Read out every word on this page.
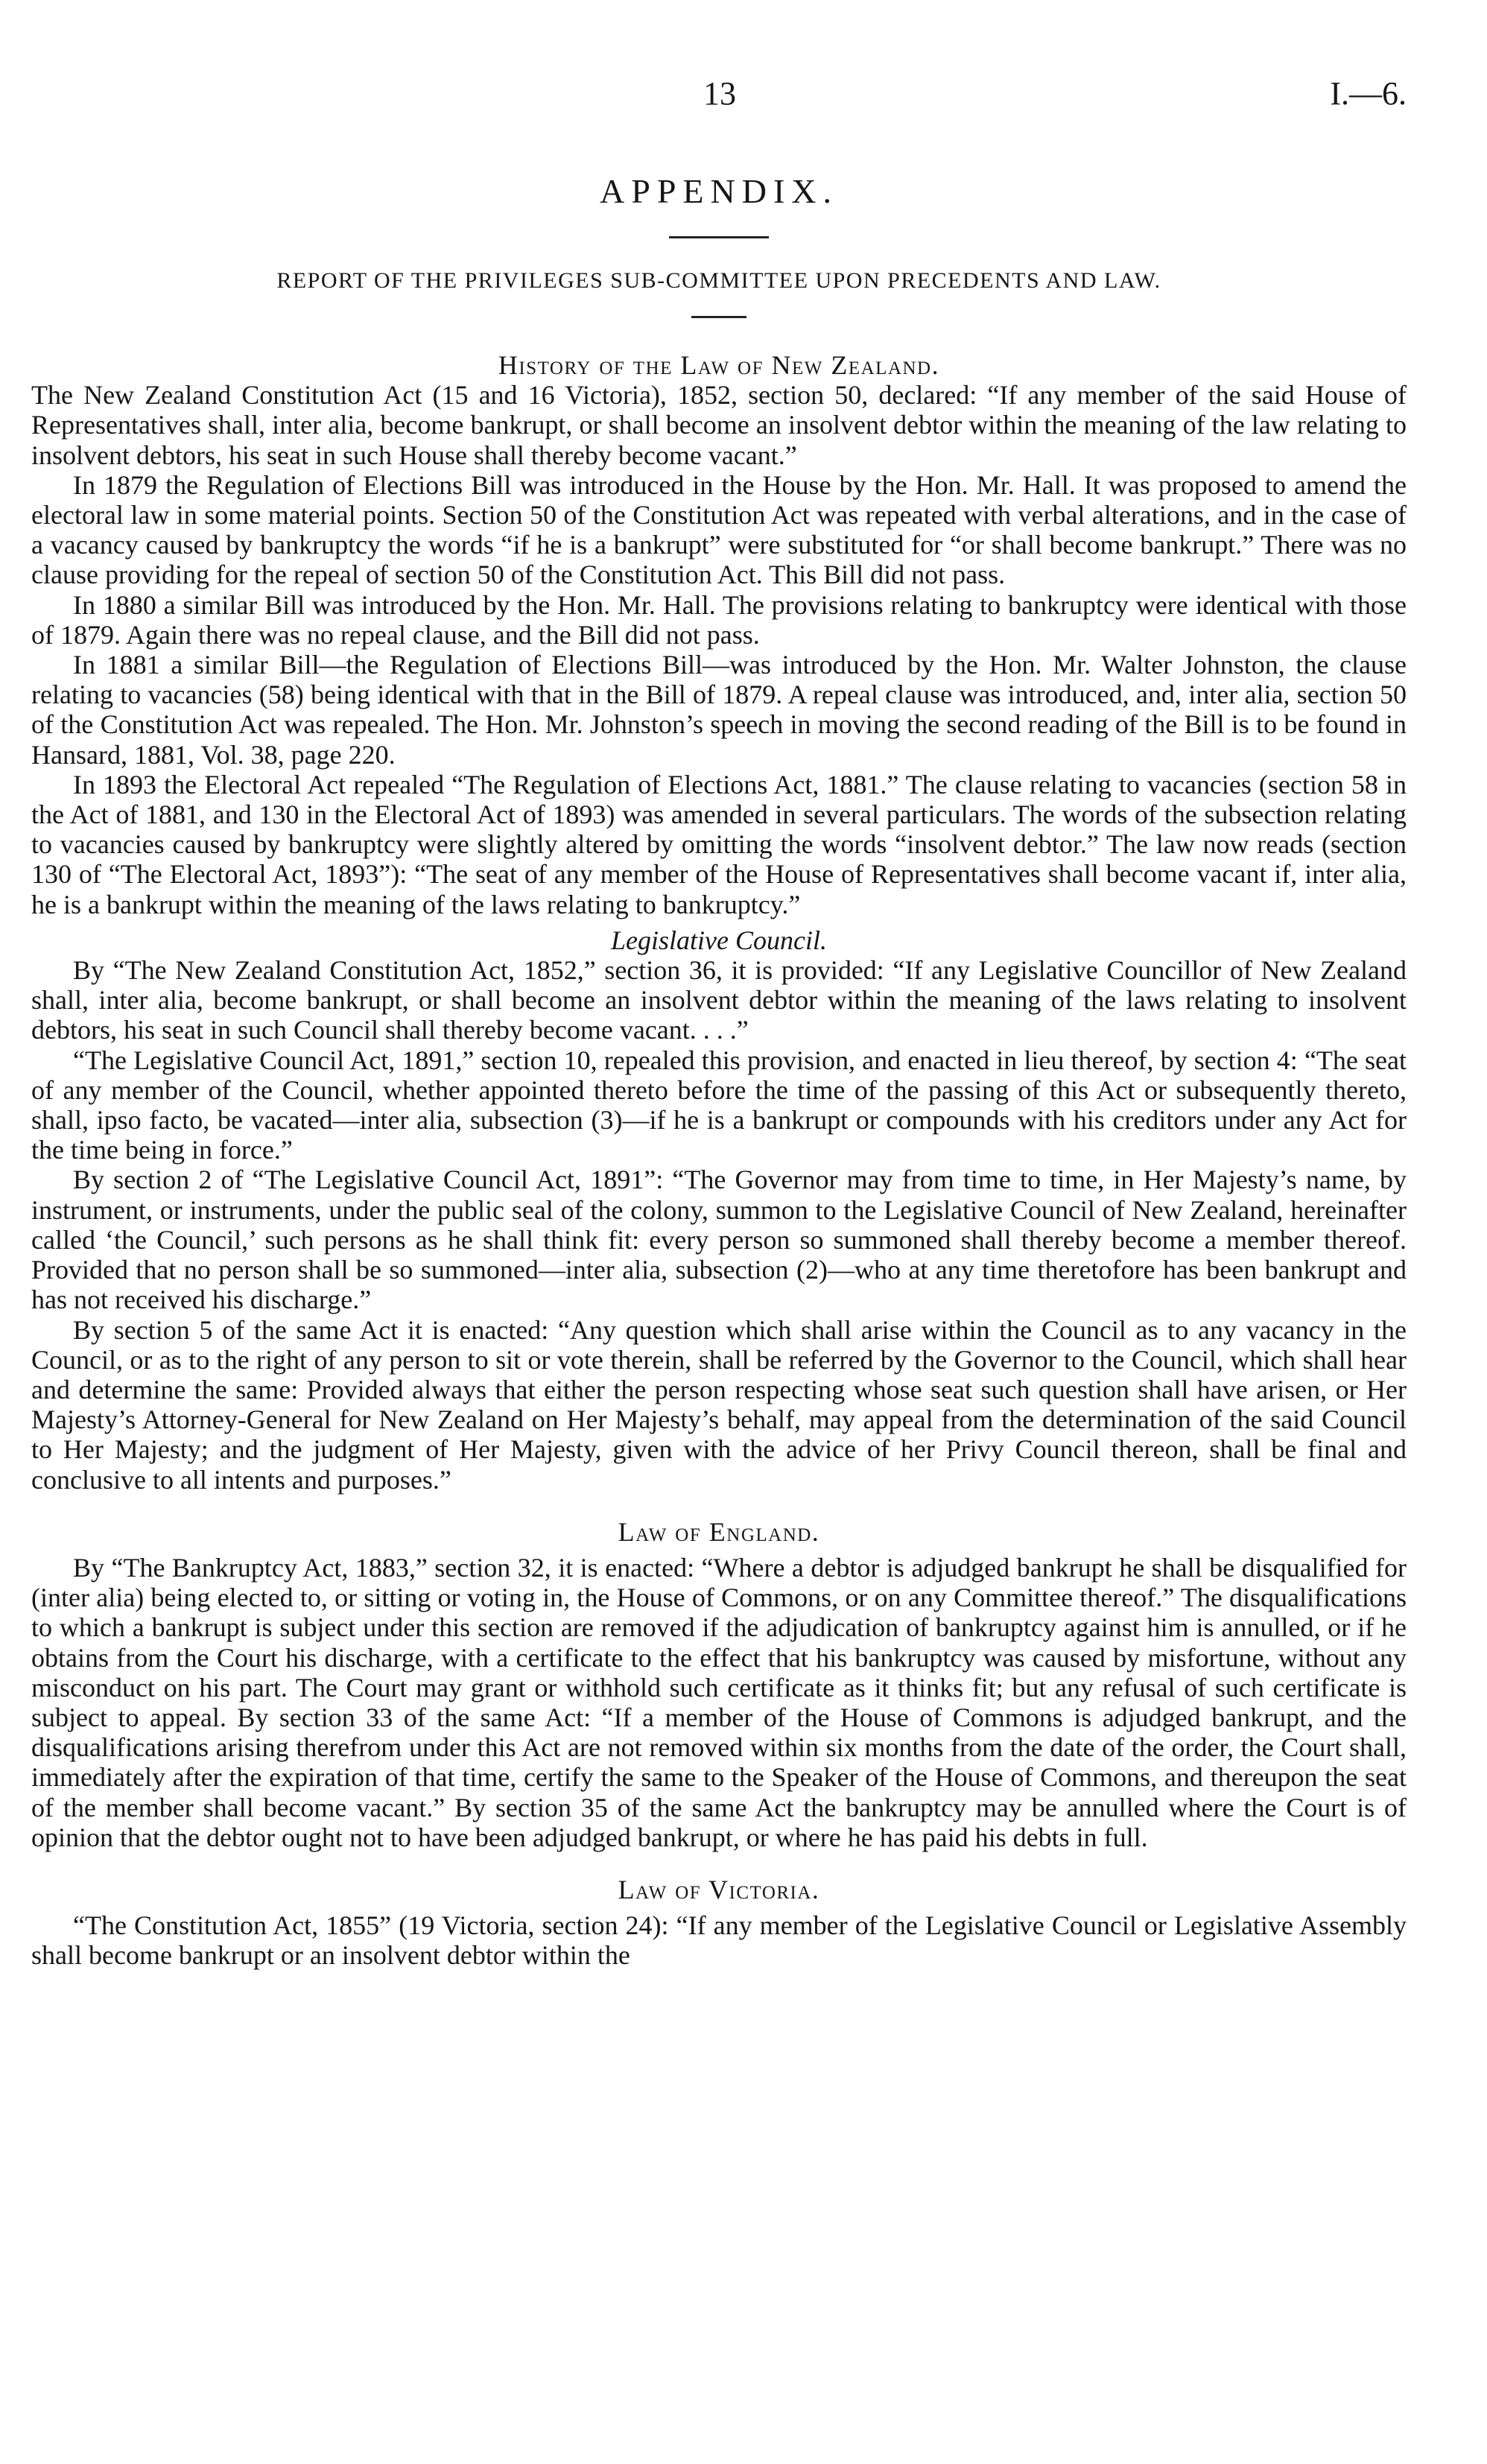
13	I.—6.
APPENDIX.
REPORT OF THE PRIVILEGES SUB-COMMITTEE UPON PRECEDENTS AND LAW.
History of the Law of New Zealand.

The New Zealand Constitution Act (15 and 16 Victoria), 1852, section 50, declared: “If any member of the said House of Representatives shall, inter alia, become bankrupt, or shall become an insolvent debtor within the meaning of the law relating to insolvent debtors, his seat in such House shall thereby become vacant.”

In 1879 the Regulation of Elections Bill was introduced in the House by the Hon. Mr. Hall. It was proposed to amend the electoral law in some material points. Section 50 of the Constitution Act was repeated with verbal alterations, and in the case of a vacancy caused by bankruptcy the words “if he is a bankrupt” were substituted for “or shall become bankrupt.” There was no clause providing for the repeal of section 50 of the Constitution Act. This Bill did not pass.

In 1880 a similar Bill was introduced by the Hon. Mr. Hall. The provisions relating to bankruptcy were identical with those of 1879. Again there was no repeal clause, and the Bill did not pass.

In 1881 a similar Bill—the Regulation of Elections Bill—was introduced by the Hon. Mr. Walter Johnston, the clause relating to vacancies (58) being identical with that in the Bill of 1879. A repeal clause was introduced, and, inter alia, section 50 of the Constitution Act was repealed. The Hon. Mr. Johnston’s speech in moving the second reading of the Bill is to be found in Hansard, 1881, Vol. 38, page 220.

In 1893 the Electoral Act repealed “The Regulation of Elections Act, 1881.” The clause relating to vacancies (section 58 in the Act of 1881, and 130 in the Electoral Act of 1893) was amended in several particulars. The words of the subsection relating to vacancies caused by bankruptcy were slightly altered by omitting the words “insolvent debtor.” The law now reads (section 130 of “The Electoral Act, 1893”): “The seat of any member of the House of Representatives shall become vacant if, inter alia, he is a bankrupt within the meaning of the laws relating to bankruptcy.”

Legislative Council.

By “The New Zealand Constitution Act, 1852,” section 36, it is provided: “If any Legislative Councillor of New Zealand shall, inter alia, become bankrupt, or shall become an insolvent debtor within the meaning of the laws relating to insolvent debtors, his seat in such Council shall thereby become vacant. . . .”

“The Legislative Council Act, 1891,” section 10, repealed this provision, and enacted in lieu thereof, by section 4: “The seat of any member of the Council, whether appointed thereto before the time of the passing of this Act or subsequently thereto, shall, ipso facto, be vacated—inter alia, subsection (3)—if he is a bankrupt or compounds with his creditors under any Act for the time being in force.”

By section 2 of “The Legislative Council Act, 1891”: “The Governor may from time to time, in Her Majesty’s name, by instrument, or instruments, under the public seal of the colony, summon to the Legislative Council of New Zealand, hereinafter called ‘the Council,’ such persons as he shall think fit: every person so summoned shall thereby become a member thereof. Provided that no person shall be so summoned—inter alia, subsection (2)—who at any time theretofore has been bankrupt and has not received his discharge.”

By section 5 of the same Act it is enacted: “Any question which shall arise within the Council as to any vacancy in the Council, or as to the right of any person to sit or vote therein, shall be referred by the Governor to the Council, which shall hear and determine the same: Provided always that either the person respecting whose seat such question shall have arisen, or Her Majesty’s Attorney-General for New Zealand on Her Majesty’s behalf, may appeal from the determination of the said Council to Her Majesty; and the judgment of Her Majesty, given with the advice of her Privy Council thereon, shall be final and conclusive to all intents and purposes.”

Law of England.

By “The Bankruptcy Act, 1883,” section 32, it is enacted: “Where a debtor is adjudged bankrupt he shall be disqualified for (inter alia) being elected to, or sitting or voting in, the House of Commons, or on any Committee thereof.” The disqualifications to which a bankrupt is subject under this section are removed if the adjudication of bankruptcy against him is annulled, or if he obtains from the Court his discharge, with a certificate to the effect that his bankruptcy was caused by misfortune, without any misconduct on his part. The Court may grant or withhold such certificate as it thinks fit; but any refusal of such certificate is subject to appeal. By section 33 of the same Act: “If a member of the House of Commons is adjudged bankrupt, and the disqualifications arising therefrom under this Act are not removed within six months from the date of the order, the Court shall, immediately after the expiration of that time, certify the same to the Speaker of the House of Commons, and thereupon the seat of the member shall become vacant.” By section 35 of the same Act the bankruptcy may be annulled where the Court is of opinion that the debtor ought not to have been adjudged bankrupt, or where he has paid his debts in full.

Law of Victoria.

“The Constitution Act, 1855” (19 Victoria, section 24): “If any member of the Legislative Council or Legislative Assembly shall become bankrupt or an insolvent debtor within the
